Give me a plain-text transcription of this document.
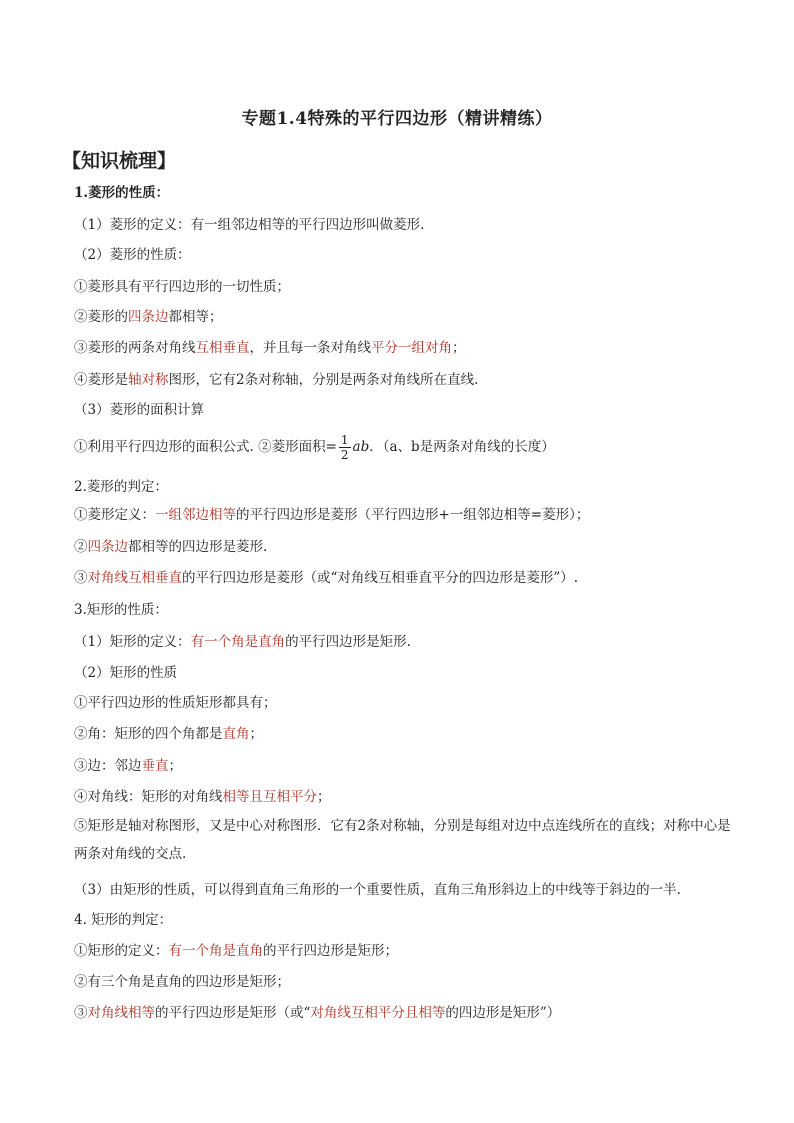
专题1.4特殊的平行四边形（精讲精练）
【知识梳理】
1.菱形的性质：
（1）菱形的定义：有一组邻边相等的平行四边形叫做菱形.
（2）菱形的性质：
①菱形具有平行四边形的一切性质；
②菱形的四条边都相等；
③菱形的两条对角线互相垂直，并且每一条对角线平分一组对角；
④菱形是轴对称图形，它有2条对称轴，分别是两条对角线所在直线.
（3）菱形的面积计算
①利用平行四边形的面积公式. ②菱形面积= $\frac{1}{2}$ ab．（a、b是两条对角线的长度）
2.菱形的判定：
①菱形定义：一组邻边相等的平行四边形是菱形（平行四边形+一组邻边相等=菱形）；
②四条边都相等的四边形是菱形.
③对角线互相垂直的平行四边形是菱形（或“对角线互相垂直平分的四边形是菱形”）.
3.矩形的性质：
（1）矩形的定义：有一个角是直角的平行四边形是矩形.
（2）矩形的性质
①平行四边形的性质矩形都具有；
②角：矩形的四个角都是直角；
③边：邻边垂直；
④对角线：矩形的对角线相等且互相平分；
⑤矩形是轴对称图形，又是中心对称图形．它有2条对称轴，分别是每组对边中点连线所在的直线；对称中心是两条对角线的交点.
（3）由矩形的性质，可以得到直角三角形的一个重要性质，直角三角形斜边上的中线等于斜边的一半.
4. 矩形的判定：
①矩形的定义：有一个角是直角的平行四边形是矩形；
②有三个角是直角的四边形是矩形；
③对角线相等的平行四边形是矩形（或“对角线互相平分且相等的四边形是矩形”）
